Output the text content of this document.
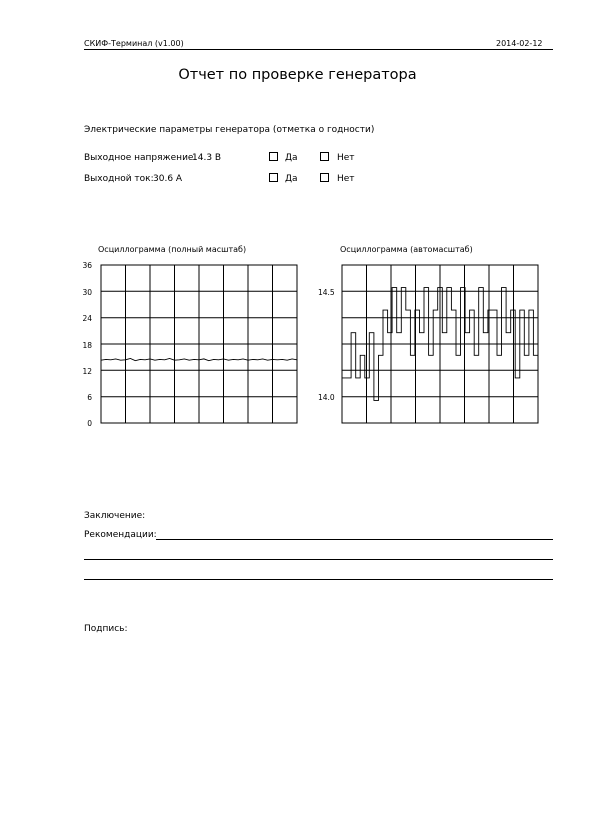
СКИФ-Терминал (v1.00)	2014-02-12
Отчет по проверке генератора
Электрические параметры генератора (отметка о годности)
Выходное напряжение:
14.3 В	Да	Нет
Выходной ток: 30.6 А	Да	Нет
Осциллограмма (полный масштаб)
36
30
24
18
12
6
0
Осциллограмма (автомасштаб)
14.5
14.0
Заключение:
Рекомендации:
Подпись:
